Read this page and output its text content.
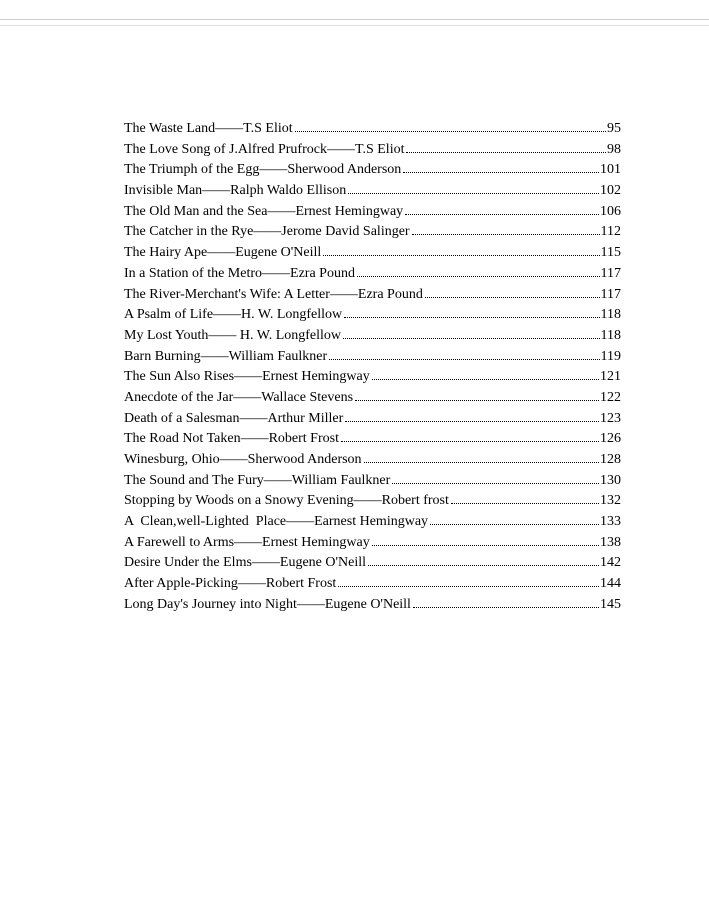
The Waste Land——T.S Eliot	95
The Love Song of J.Alfred Prufrock——T.S Eliot	98
The Triumph of the Egg——Sherwood Anderson	101
Invisible Man——Ralph Waldo Ellison	102
The Old Man and the Sea——Ernest Hemingway	106
The Catcher in the Rye——Jerome David Salinger	112
The Hairy Ape——Eugene O'Neill	115
In a Station of the Metro——Ezra Pound	117
The River-Merchant's Wife: A Letter——Ezra Pound	117
A Psalm of Life——H. W. Longfellow	118
My Lost Youth—— H. W. Longfellow	118
Barn Burning——William Faulkner	119
The Sun Also Rises——Ernest Hemingway	121
Anecdote of the Jar——Wallace Stevens	122
Death of a Salesman——Arthur Miller	123
The Road Not Taken——Robert Frost	126
Winesburg, Ohio——Sherwood Anderson	128
The Sound and The Fury——William Faulkner	130
Stopping by Woods on a Snowy Evening——Robert frost	132
A  Clean,well-Lighted  Place——Earnest Hemingway	133
A Farewell to Arms——Ernest Hemingway	138
Desire Under the Elms——Eugene O'Neill	142
After Apple-Picking——Robert Frost	144
Long Day's Journey into Night——Eugene O'Neill	145
